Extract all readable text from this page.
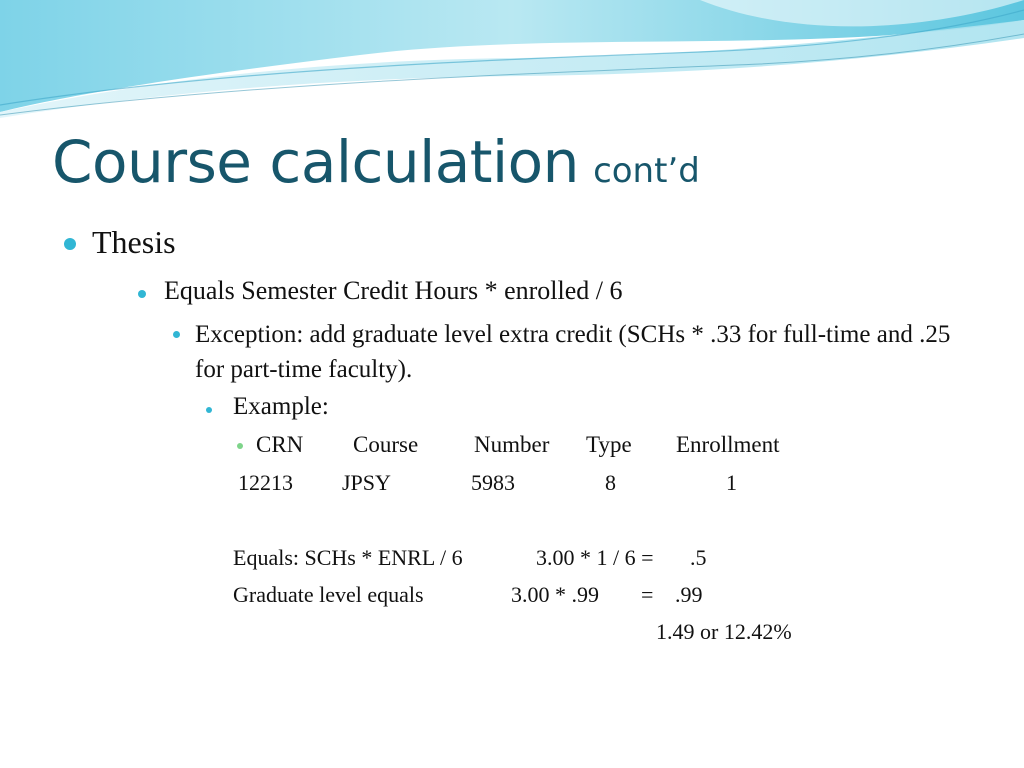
Course calculation cont’d
Thesis
Equals Semester Credit Hours * enrolled / 6
Exception: add graduate level extra credit (SCHs * .33 for full-time and .25 for part-time faculty).
Example:
CRN Course Number Type Enrollment
12213 JPSY	5983	8	1
Equals: SCHs * ENRL / 6	3.00 * 1 / 6 = .5
Graduate level equals	3.00 * .99 = .99
1.49 or 12.42%
